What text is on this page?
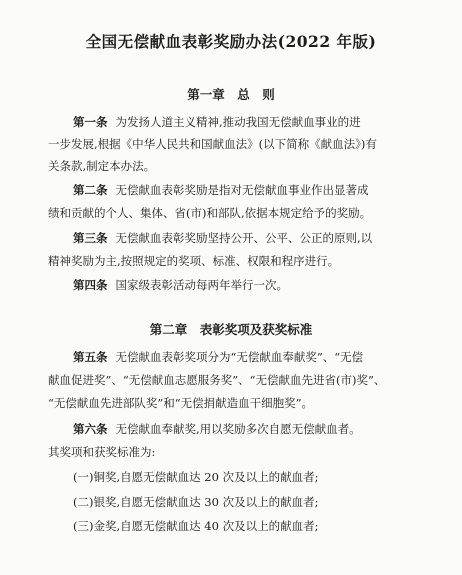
全国无偿献血表彰奖励办法(2022 年版)
第一章　总　则
第一条 为发扬人道主义精神,推动我国无偿献血事业的进
一步发展,根据《中华人民共和国献血法》(以下简称《献血法》)有
关条款,制定本办法。
第二条 无偿献血表彰奖励是指对无偿献血事业作出显著成
绩和贡献的个人、集体、省(市)和部队,依据本规定给予的奖励。
第三条 无偿献血表彰奖励坚持公开、公平、公正的原则,以
精神奖励为主,按照规定的奖项、标准、权限和程序进行。
第四条 国家级表彰活动每两年举行一次。
第二章　表彰奖项及获奖标准
第五条 无偿献血表彰奖项分为“无偿献血奉献奖”、“无偿
献血促进奖”、“无偿献血志愿服务奖”、“无偿献血先进省(市)奖”、
“无偿献血先进部队奖”和“无偿捐献造血干细胞奖”。
第六条 无偿献血奉献奖,用以奖励多次自愿无偿献血者。
其奖项和获奖标准为:
(一)铜奖,自愿无偿献血达 20 次及以上的献血者;
(二)银奖,自愿无偿献血达 30 次及以上的献血者;
(三)金奖,自愿无偿献血达 40 次及以上的献血者;
